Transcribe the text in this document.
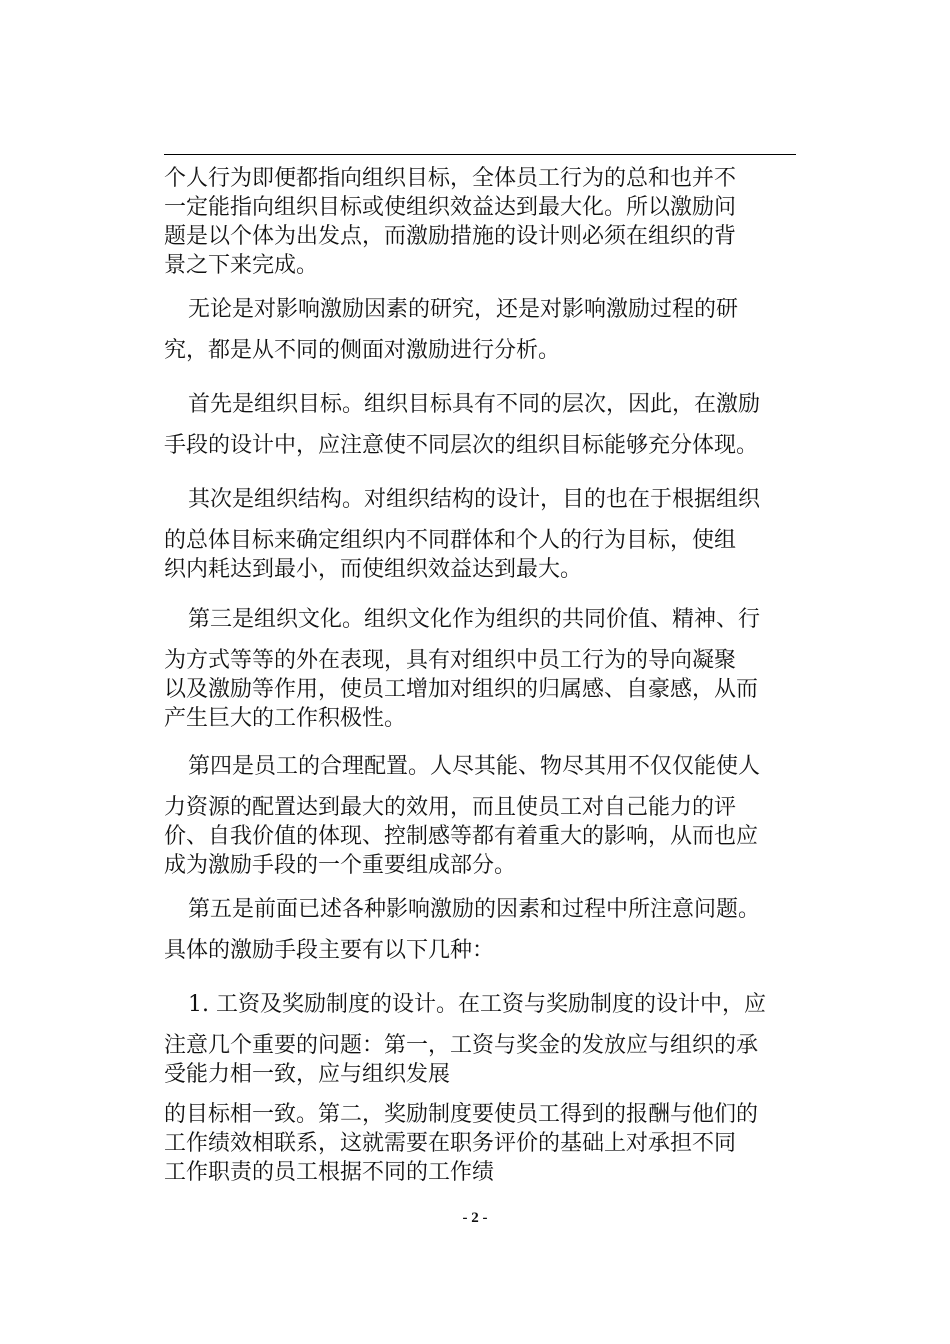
个人行为即便都指向组织目标，全体员工行为的总和也并不
一定能指向组织目标或使组织效益达到最大化。所以激励问
题是以个体为出发点，而激励措施的设计则必须在组织的背
景之下来完成。

无论是对影响激励因素的研究，还是对影响激励过程的研
究，都是从不同的侧面对激励进行分析。

首先是组织目标。组织目标具有不同的层次，因此，在激励
手段的设计中，应注意使不同层次的组织目标能够充分体现。

其次是组织结构。对组织结构的设计，目的也在于根据组织
的总体目标来确定组织内不同群体和个人的行为目标，使组
织内耗达到最小，而使组织效益达到最大。

第三是组织文化。组织文化作为组织的共同价值、精神、行
为方式等等的外在表现，具有对组织中员工行为的导向凝聚
以及激励等作用，使员工增加对组织的归属感、自豪感，从而
产生巨大的工作积极性。

第四是员工的合理配置。人尽其能、物尽其用不仅仅能使人
力资源的配置达到最大的效用，而且使员工对自己能力的评
价、自我价值的体现、控制感等都有着重大的影响，从而也应
成为激励手段的一个重要组成部分。

第五是前面已述各种影响激励的因素和过程中所注意问题。
具体的激励手段主要有以下几种：

1. 工资及奖励制度的设计。在工资与奖励制度的设计中，应
注意几个重要的问题：第一，工资与奖金的发放应与组织的承
受能力相一致，应与组织发展

的目标相一致。第二，奖励制度要使员工得到的报酬与他们的
工作绩效相联系，这就需要在职务评价的基础上对承担不同
工作职责的员工根据不同的工作绩

- 2 -
